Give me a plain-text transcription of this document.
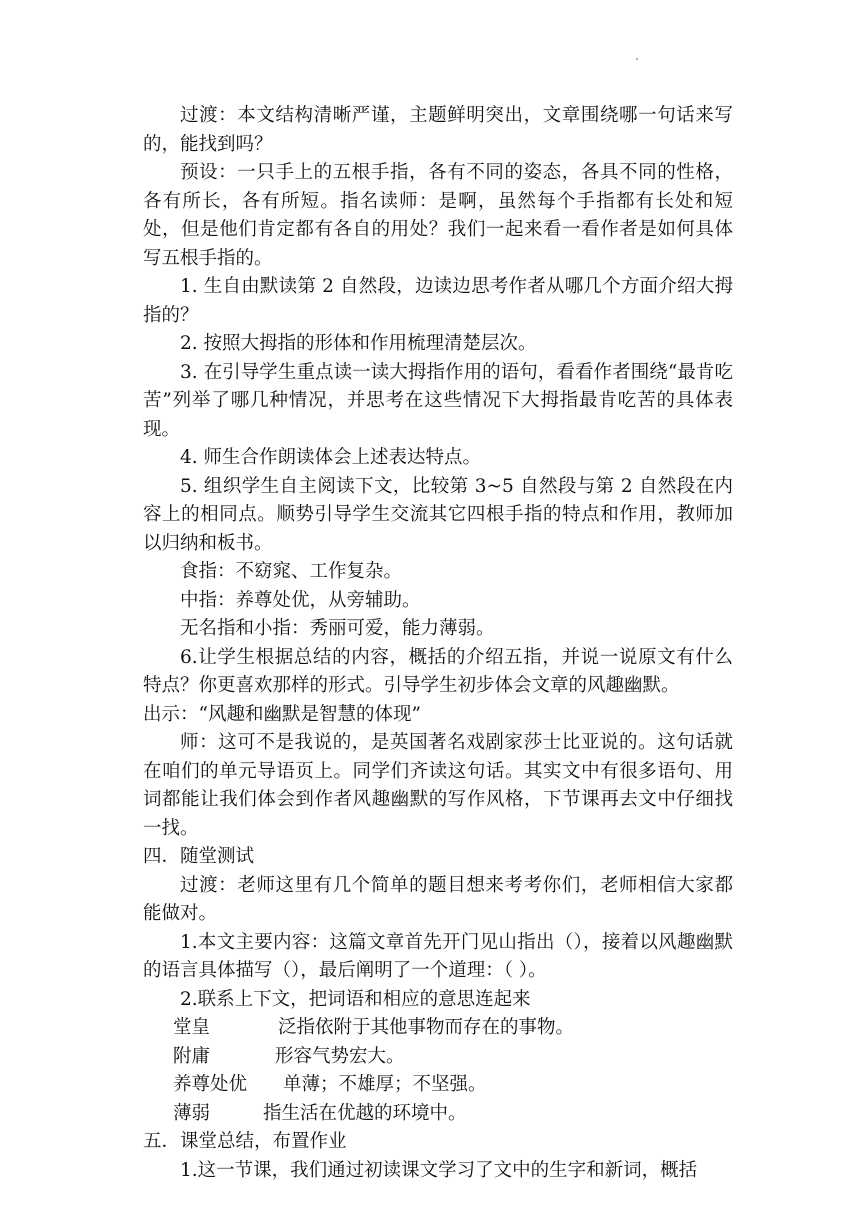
过渡：本文结构清晰严谨，主题鲜明突出，文章围绕哪一句话来写的，能找到吗？

预设：一只手上的五根手指，各有不同的姿态，各具不同的性格，各有所长，各有所短。指名读师：是啊，虽然每个手指都有长处和短处，但是他们肯定都有各自的用处？我们一起来看一看作者是如何具体写五根手指的。

1. 生自由默读第 2 自然段，边读边思考作者从哪几个方面介绍大拇指的？

2. 按照大拇指的形体和作用梳理清楚层次。

3. 在引导学生重点读一读大拇指作用的语句，看看作者围绕“最肯吃苦”列举了哪几种情况，并思考在这些情况下大拇指最肯吃苦的具体表现。

4. 师生合作朗读体会上述表达特点。

5. 组织学生自主阅读下文，比较第 3~5 自然段与第 2 自然段在内容上的相同点。顺势引导学生交流其它四根手指的特点和作用，教师加以归纳和板书。

食指：不窈窕、工作复杂。

中指：养尊处优，从旁辅助。

无名指和小指：秀丽可爱，能力薄弱。

6.让学生根据总结的内容，概括的介绍五指，并说一说原文有什么特点？你更喜欢那样的形式。引导学生初步体会文章的风趣幽默。

出示：“风趣和幽默是智慧的体现”

师：这可不是我说的，是英国著名戏剧家莎士比亚说的。这句话就在咱们的单元导语页上。同学们齐读这句话。其实文中有很多语句、用词都能让我们体会到作者风趣幽默的写作风格，下节课再去文中仔细找一找。

四．随堂测试

过渡：老师这里有几个简单的题目想来考考你们，老师相信大家都能做对。

1.本文主要内容：这篇文章首先开门见山指出（），接着以风趣幽默的语言具体描写（），最后阐明了一个道理：（ ）。

2.联系上下文，把词语和相应的意思连起来

堂皇	泛指依附于其他事物而存在的事物。
附庸	形容气势宏大。
养尊处优	单薄；不雄厚；不坚强。
薄弱	指生活在优越的环境中。

五．课堂总结，布置作业

1.这一节课，我们通过初读课文学习了文中的生字和新词，概括
